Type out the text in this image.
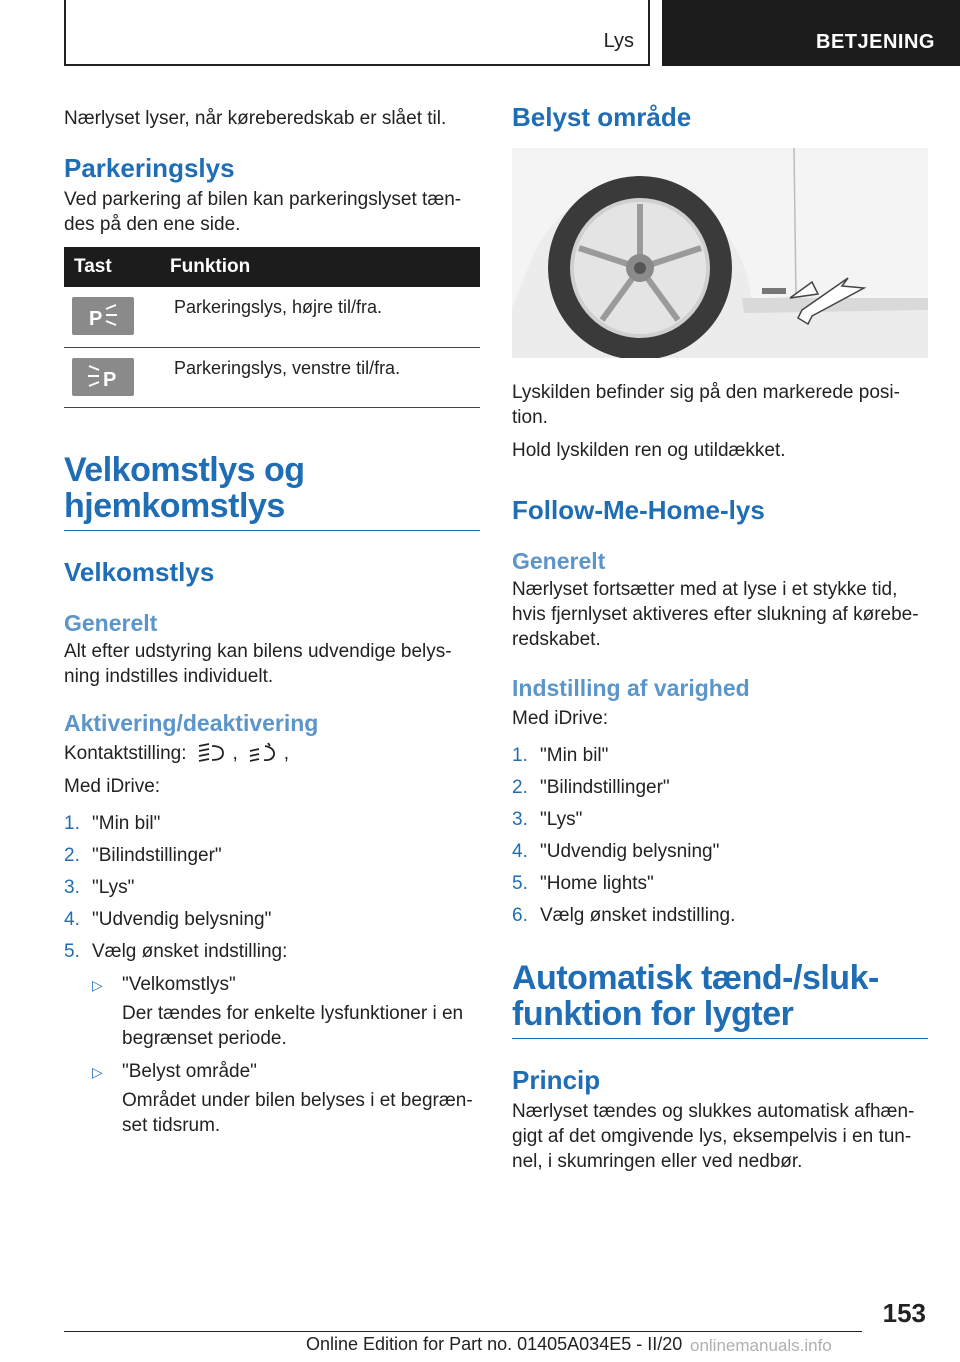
Lys	BETJENING

Nærlyset lyser, når køreberedskab er slået til.

Parkeringslys

Ved parkering af bilen kan parkeringslyset tændes på den ene side.

Tast	Funktion

P	Parkeringslys, højre til/fra.

P	Parkeringslys, venstre til/fra.
Velkomstlys og
hjemkomstlys
Velkomstlys
Generelt

Alt efter udstyring kan bilens udvendige belysning indstilles individuelt.

Aktivering/deaktivering

Kontaktstilling: , ,

Med iDrive:

1. "Min bil"
2. "Bilindstillinger"
3. "Lys"
4. "Udvendig belysning"
5. Vælg ønsket indstilling:
▷ "Velkomstlys"

Der tændes for enkelte lysfunktioner i en begrænset periode.
▷ "Belyst område"

Området under bilen belyses i et begrænset tidsrum.
Belyst område

Lyskilden befinder sig på den markerede position.

Hold lyskilden ren og utildækket.

Follow-Me-Home-lys
Generelt

Nærlyset fortsætter med at lyse i et stykke tid, hvis fjernlyset aktiveres efter slukning af køreberedskabet.

Indstilling af varighed

Med iDrive:

1. "Min bil"
2. "Bilindstillinger"
3. "Lys"
4. "Udvendig belysning"
5. "Home lights"
6. Vælg ønsket indstilling.
Automatisk tænd-/sluk-
funktion for lygter
Princip

Nærlyset tændes og slukkes automatisk afhængigt af det omgivende lys, eksempelvis i en tunnel, i skumringen eller ved nedbør.

153
Online Edition for Part no. 01405A034E5 - II/20 onlinemanuals.info
